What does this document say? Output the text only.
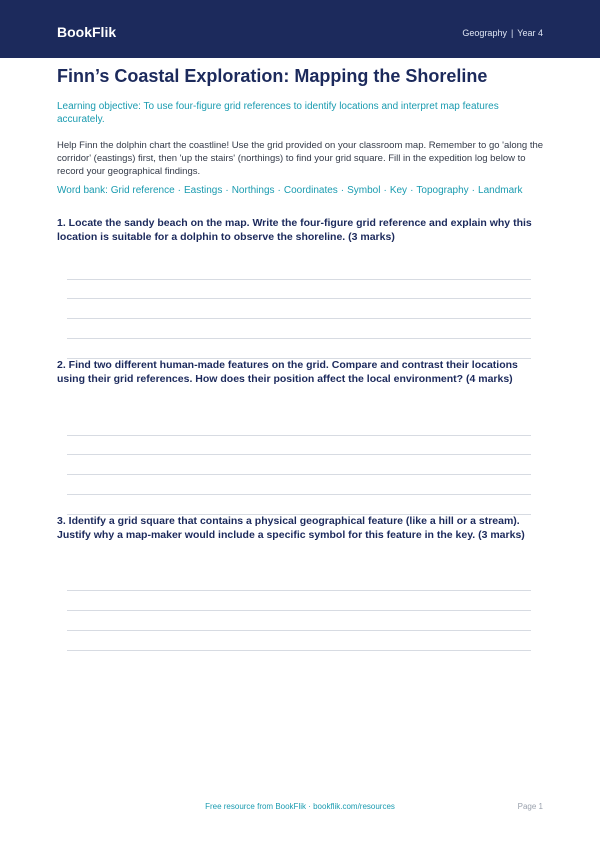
BookFlik	Geography | Year 4
Finn’s Coastal Exploration: Mapping the Shoreline
Learning objective: To use four-figure grid references to identify locations and interpret map features accurately.
Help Finn the dolphin chart the coastline! Use the grid provided on your classroom map. Remember to go 'along the corridor' (eastings) first, then 'up the stairs' (northings) to find your grid square. Fill in the expedition log below to record your geographical findings.
Word bank: Grid reference · Eastings · Northings · Coordinates · Symbol · Key · Topography · Landmark
1. Locate the sandy beach on the map. Write the four-figure grid reference and explain why this location is suitable for a dolphin to observe the shoreline. (3 marks)
2. Find two different human-made features on the grid. Compare and contrast their locations using their grid references. How does their position affect the local environment? (4 marks)
3. Identify a grid square that contains a physical geographical feature (like a hill or a stream). Justify why a map-maker would include a specific symbol for this feature in the key. (3 marks)
Free resource from BookFlik · bookflik.com/resources	Page 1
